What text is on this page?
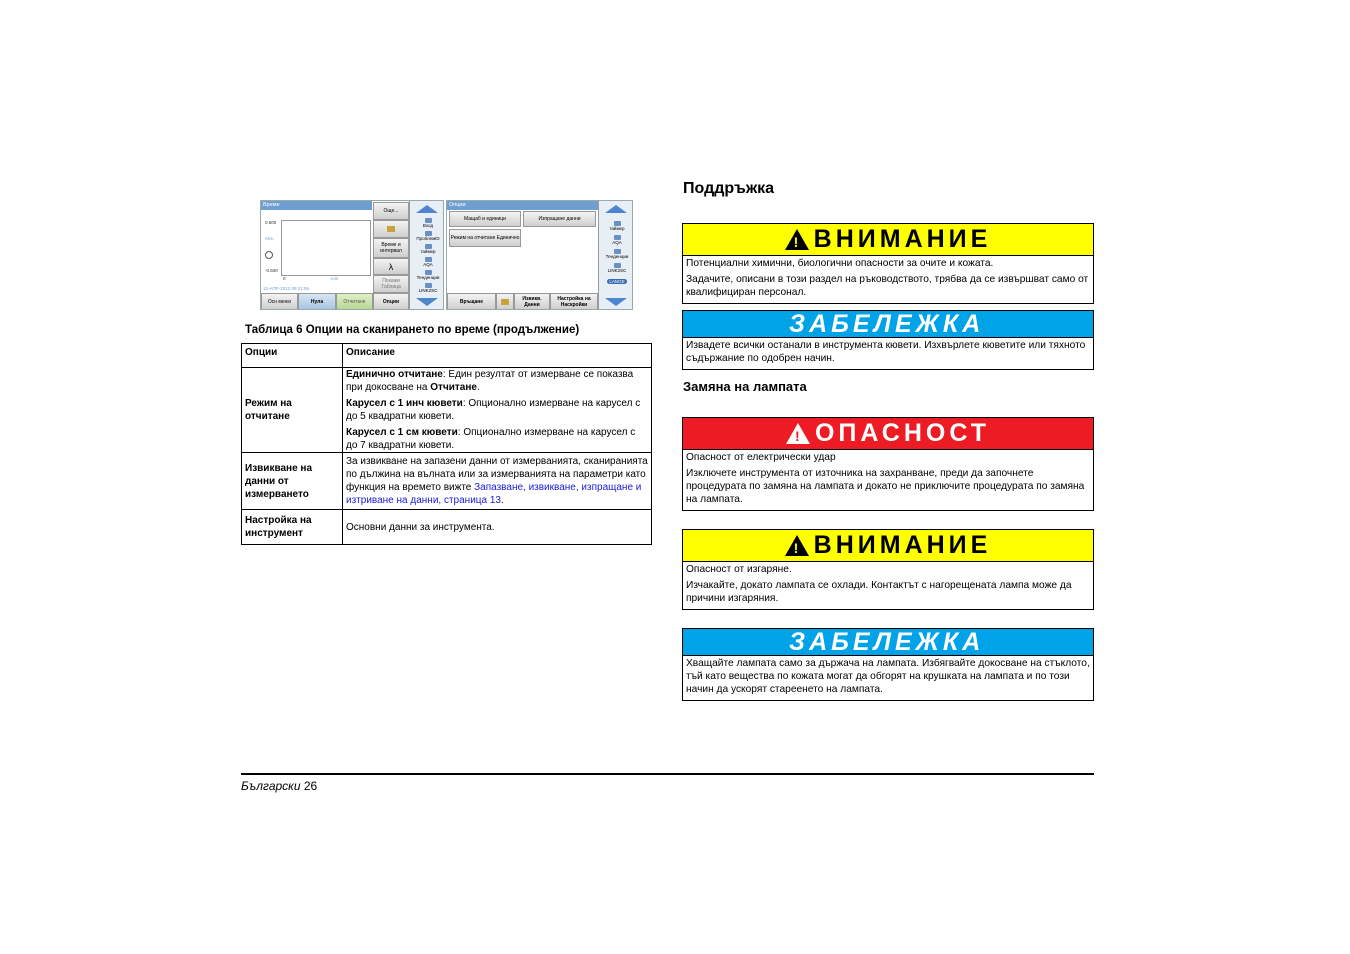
Време
0.500
Abs.
-0.500
0	min
12-АПР-2012 09:21:56
Още...
Време и интервал
λ
Покажи Таблица
Осн меню	Нула	Отчитане	Опции
Вход
ПроблемID
таймер
AQA
Тенденции
LINK2SC
Опции
Мащаб и единици	Изпращане данни
Режим на отчитане Единично
Връщане	Извикв. Данни
Настройка на Наскройки
таймер
AQA
Тенденции
LINK2SC
LANGE
Таблица 6 Опции на сканирането по време (продължение)
Опции	Описание
Режим на отчитане	Единично отчитане: Един резултат от измерване се показва при докосване на Отчитане.

Карусел с 1 инч кювети: Опционално измерване на карусел с до 5 квадратни кювети.

Карусел с 1 см кювети: Опционално измерване на карусел с до 7 квадратни кювети.

Извикване на данни от измерването	За извикване на запазени данни от измерванията, сканиранията по дължина на вълната или за измерванията на параметри като функция на времето вижте Запазване, извикване, изпращане и изтриване на данни, страница 13.
Настройка на инструмент	Основни данни за инструмента.
Поддръжка
! ВНИМАНИЕ

Потенциални химични, биологични опасности за очите и кожата.

Задачите, описани в този раздел на ръководството, трябва да се извършват само от квалифициран персонал.

ЗАБЕЛЕЖКА

Извадете всички останали в инструмента кювети. Изхвърлете кюветите или тяхното съдържание по одобрен начин.

Замяна на лампата
! ОПАСНОСТ

Опасност от електрически удар

Изключете инструмента от източника на захранване, преди да започнете процедурата по замяна на лампата и докато не приключите процедурата по замяна на лампата.

! ВНИМАНИЕ

Опасност от изгаряне.

Изчакайте, докато лампата се охлади. Контактът с нагорещената лампа може да причини изгаряния.

ЗАБЕЛЕЖКА

Хващайте лампата само за държача на лампата. Избягвайте докосване на стъклото, тъй като вещества по кожата могат да обгорят на крушката на лампата и по този начин да ускорят стареенето на лампата.

Български 26
